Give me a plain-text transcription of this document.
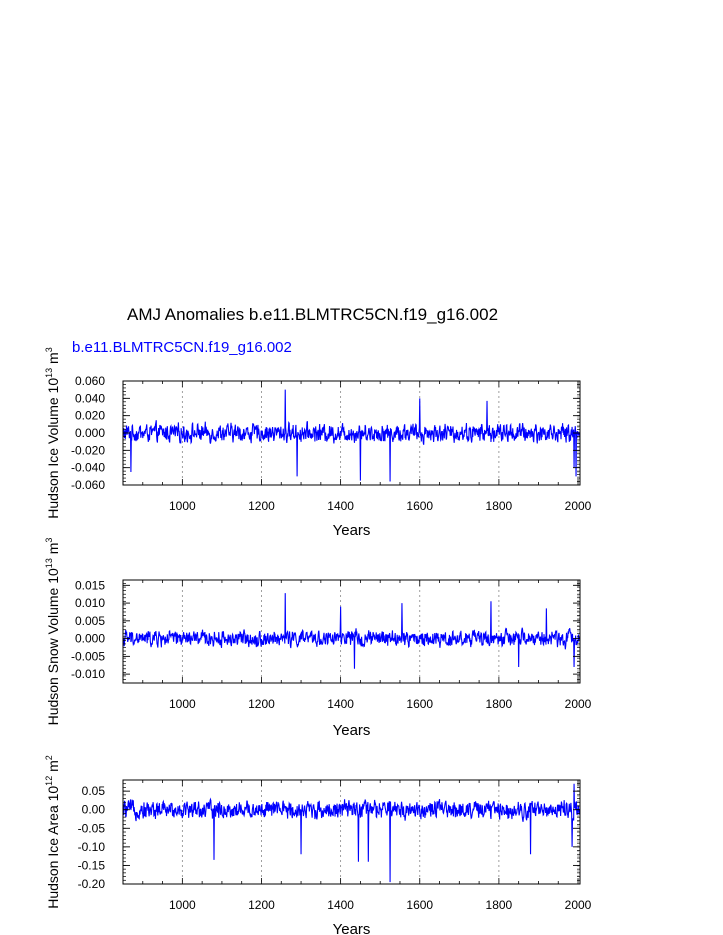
AMJ Anomalies b.e11.BLMTRC5CN.f19_g16.002
b.e11.BLMTRC5CN.f19_g16.002
1000	1200	1400	1600	1800	2000
0.060
0.040
0.020
0.000
-0.020
-0.040
-0.060
Years
Hudson Ice Volume $10^{13}$ $m^3$
1000	1200	1400	1600	1800	2000
0.015
0.010
0.005
0.000
-0.005
-0.010
Years
Hudson Snow Volume $10^{13}$ $m^3$
1000	1200	1400	1600	1800	2000
0.05
0.00
-0.05
-0.10
-0.15
-0.20
Years
Hudson Ice Area $10^{12}$ $m^2$
